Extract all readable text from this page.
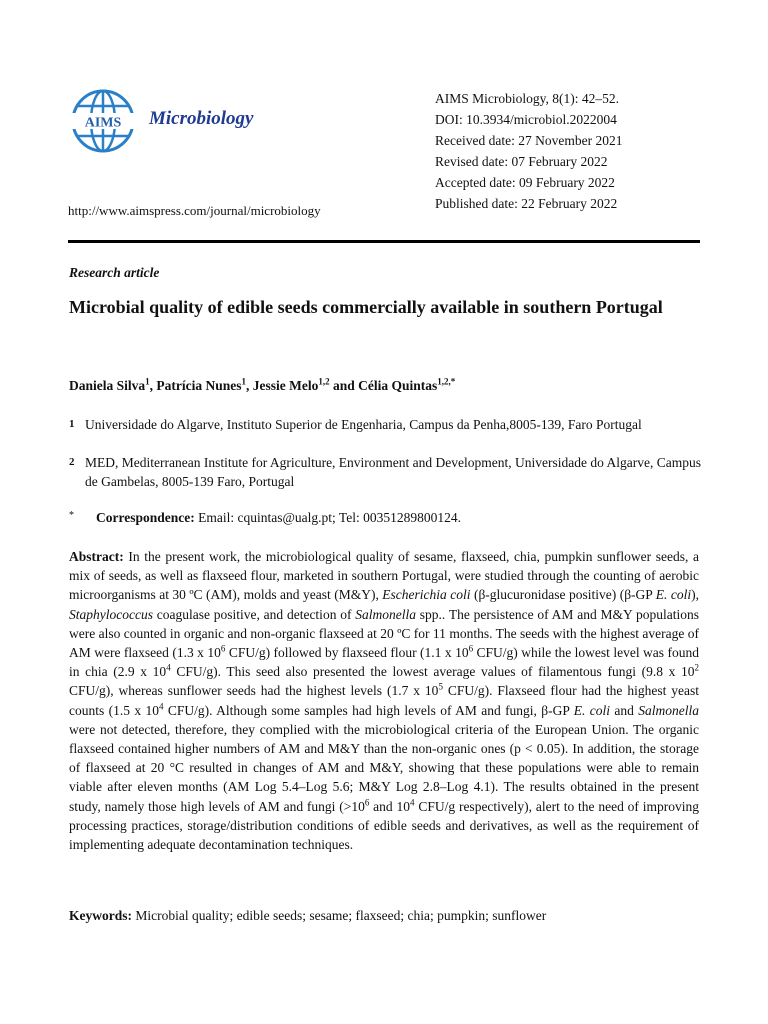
AIMS Microbiology
AIMS Microbiology, 8(1): 42–52.
DOI: 10.3934/microbiol.2022004
Received date: 27 November 2021
Revised date: 07 February 2022
Accepted date: 09 February 2022
Published date: 22 February 2022
http://www.aimspress.com/journal/microbiology
Research article
Microbial quality of edible seeds commercially available in southern Portugal
Daniela Silva$^1$, Patrícia Nunes$^1$, Jessie Melo$^{1,2}$ and Célia Quintas$^{1,2,*}$
1 Universidade do Algarve, Instituto Superior de Engenharia, Campus da Penha,8005-139, Faro Portugal
2 MED, Mediterranean Institute for Agriculture, Environment and Development, Universidade do Algarve, Campus de Gambelas, 8005-139 Faro, Portugal
* Correspondence: Email: cquintas@ualg.pt; Tel: 00351289800124.
Abstract: In the present work, the microbiological quality of sesame, flaxseed, chia, pumpkin sunflower seeds, a mix of seeds, as well as flaxseed flour, marketed in southern Portugal, were studied through the counting of aerobic microorganisms at 30 ºC (AM), molds and yeast (M&Y), Escherichia coli (β-glucuronidase positive) (β-GP E. coli), Staphylococcus coagulase positive, and detection of Salmonella spp.. The persistence of AM and M&Y populations were also counted in organic and non-organic flaxseed at 20 ºC for 11 months. The seeds with the highest average of AM were flaxseed (1.3 x $10^6$ CFU/g) followed by flaxseed flour (1.1 x $10^6$ CFU/g) while the lowest level was found in chia (2.9 x $10^4$ CFU/g). This seed also presented the lowest average values of filamentous fungi (9.8 x $10^2$ CFU/g), whereas sunflower seeds had the highest levels (1.7 x $10^5$ CFU/g). Flaxseed flour had the highest yeast counts (1.5 x $10^4$ CFU/g). Although some samples had high levels of AM and fungi, β-GP E. coli and Salmonella were not detected, therefore, they complied with the microbiological criteria of the European Union. The organic flaxseed contained higher numbers of AM and M&Y than the non-organic ones (p < 0.05). In addition, the storage of flaxseed at 20 °C resulted in changes of AM and M&Y, showing that these populations were able to remain viable after eleven months (AM Log 5.4–Log 5.6; M&Y Log 2.8–Log 4.1). The results obtained in the present study, namely those high levels of AM and fungi ($>10^6$ and $10^4$ CFU/g respectively), alert to the need of improving processing practices, storage/distribution conditions of edible seeds and derivatives, as well as the requirement of implementing adequate decontamination techniques.
Keywords: Microbial quality; edible seeds; sesame; flaxseed; chia; pumpkin; sunflower
